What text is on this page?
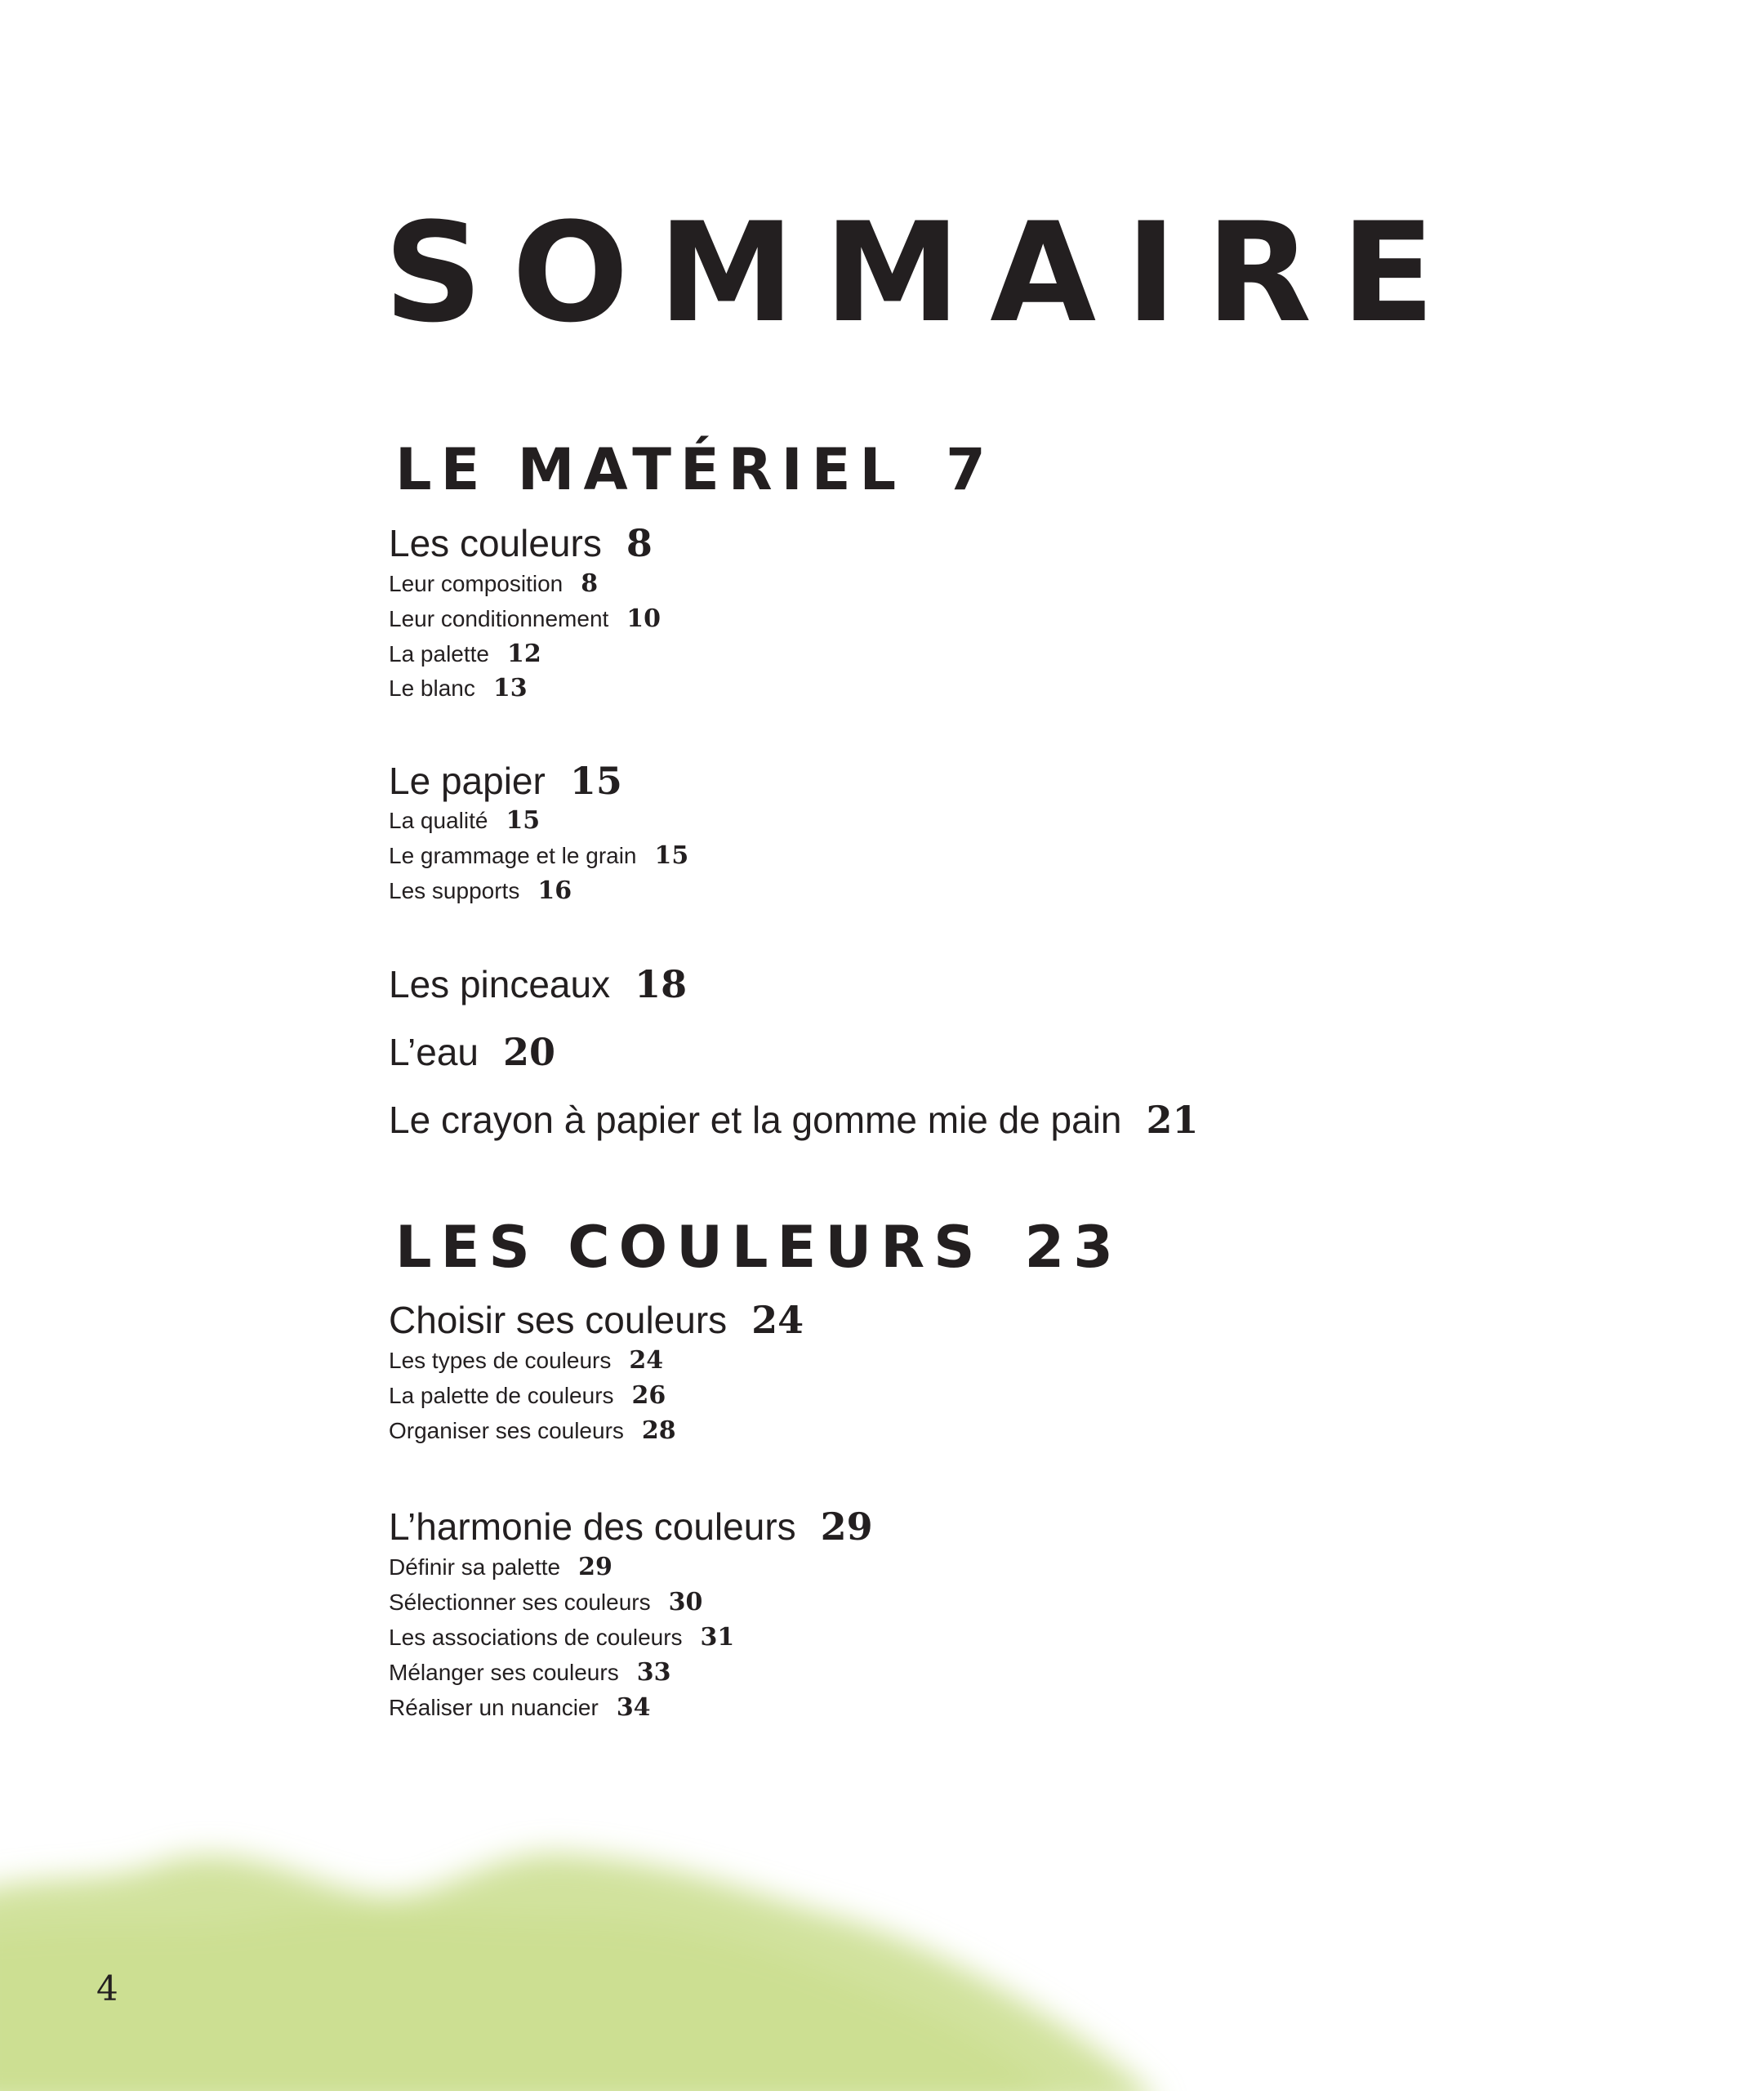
SOMMAIRE
LE MATÉRIEL 7
Les couleurs 8
Leur composition 8
Leur conditionnement 10
La palette 12
Le blanc 13
Le papier 15
La qualité 15
Le grammage et le grain 15
Les supports 16
Les pinceaux 18
L’eau 20
Le crayon à papier et la gomme mie de pain 21
LES COULEURS 23
Choisir ses couleurs 24
Les types de couleurs 24
La palette de couleurs 26
Organiser ses couleurs 28
L’harmonie des couleurs 29
Définir sa palette 29
Sélectionner ses couleurs 30
Les associations de couleurs 31
Mélanger ses couleurs 33
Réaliser un nuancier 34
4
